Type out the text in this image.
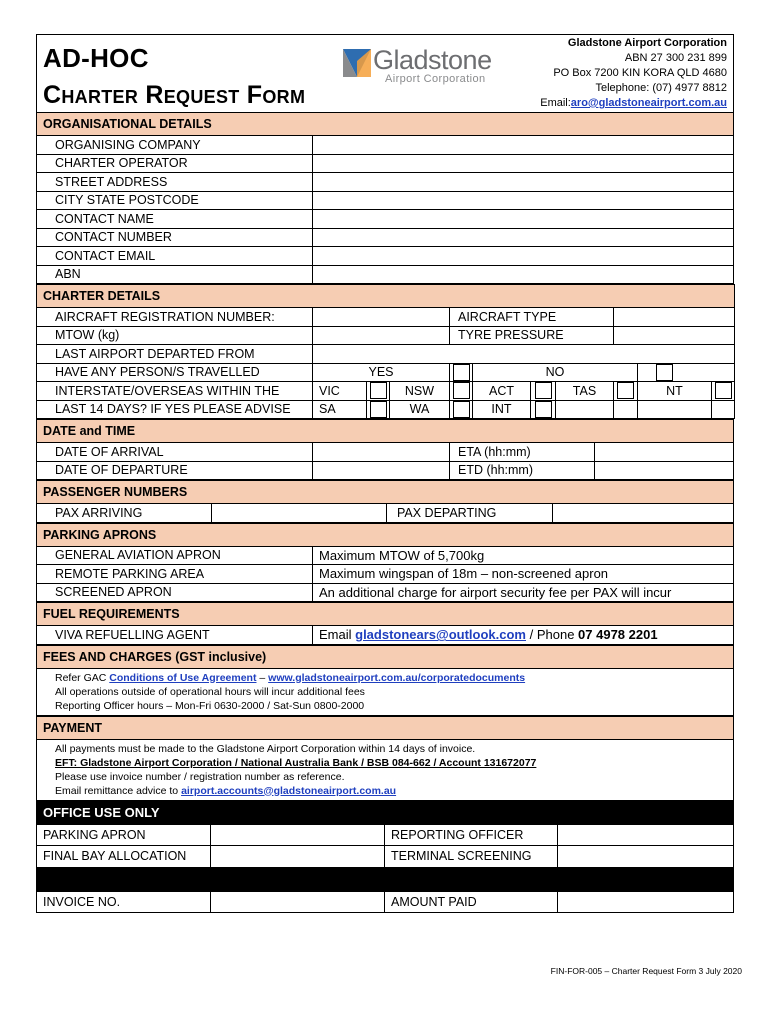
AD-HOC
Charter Request Form
Gladstone
Airport Corporation
Gladstone Airport Corporation
ABN 27 300 231 899
PO Box 7200 KIN KORA QLD 4680
Telephone: (07) 4977 8812
Email:aro@gladstoneairport.com.au
ORGANISATIONAL DETAILS	
ORGANISING COMPANY	
CHARTER OPERATOR	
STREET ADDRESS	
CITY STATE POSTCODE	
CONTACT NAME	
CONTACT NUMBER	
CONTACT EMAIL	
ABN	
CHARTER DETAILS										
AIRCRAFT REGISTRATION NUMBER:				AIRCRAFT TYPE						
MTOW (kg)				TYRE PRESSURE						
LAST AIRPORT DEPARTED FROM										
HAVE ANY PERSON/S TRAVELLED	YES				NO					
INTERSTATE/OVERSEAS WITHIN THE	VIC		NSW		ACT		TAS		NT	
LAST 14 DAYS? IF YES PLEASE ADVISE	SA		WA		INT					
DATE and TIME			
DATE OF ARRIVAL		ETA (hh:mm)	
DATE OF DEPARTURE		ETD (hh:mm)	
PASSENGER NUMBERS
PAX ARRIVING		PAX DEPARTING	
PARKING APRONS	
GENERAL AVIATION APRON	Maximum MTOW of 5,700kg
REMOTE PARKING AREA	Maximum wingspan of 18m – non-screened apron
SCREENED APRON	An additional charge for airport security fee per PAX will incur
FUEL REQUIREMENTS
VIVA REFUELLING AGENT	Email gladstonears@outlook.com / Phone 07 4978 2201
FEES AND CHARGES (GST inclusive)

Refer GAC Conditions of Use Agreement – www.gladstoneairport.com.au/corporatedocuments
All operations outside of operational hours will incur additional fees
Reporting Officer hours – Mon-Fri 0630-2000 / Sat-Sun 0800-2000
PAYMENT

All payments must be made to the Gladstone Airport Corporation within 14 days of invoice.
EFT: Gladstone Airport Corporation / National Australia Bank / BSB 084-662 / Account 131672077
Please use invoice number / registration number as reference.
Email remittance advice to airport.accounts@gladstoneairport.com.au
OFFICE USE ONLY			
PARKING APRON		REPORTING OFFICER	
FINAL BAY ALLOCATION		TERMINAL SCREENING	

INVOICE NO.		AMOUNT PAID	
FIN-FOR-005 – Charter Request Form 3 July 2020
